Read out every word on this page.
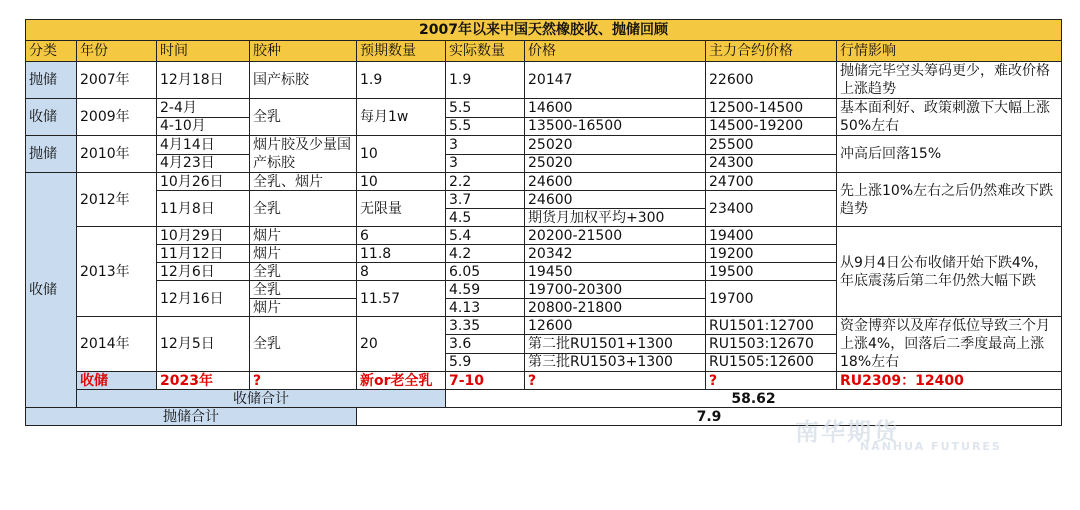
2007年以来中国天然橡胶收、抛储回顾									
分类	年份	时间	胶种	预期数量	实际数量	价格	主力合约价格	行情影响	
抛储	2007年	12月18日	国产标胶	1.9	1.9	20147	22600	抛储完毕空头筹码更少，难改价格上涨趋势	

收储	2009年	2-4月	全乳	每月1w	5.5	14600	12500-14500	基本面利好、政策刺激下大幅上涨50%左右	
		4-10月			5.5	13500-16500	14500-19200		
抛储	2010年	4月14日	烟片胶及少量国产标胶	10	3	25020	25500	冲高后回落15%	
		4月23日			3	25020	24300		
收储	2012年	10月26日	全乳、烟片	10	2.2	24600	24700	先上涨10%左右之后仍然难改下跌趋势	
		11月8日	全乳	无限量	3.7	24600	23400		
					4.5	期货月加权平均+300			
	2013年	10月29日	烟片	6	5.4	20200-21500	19400	从9月4日公布收储开始下跌4%，年底震荡后第二年仍然大幅下跌	
		11月12日	烟片	11.8	4.2	20342	19200		
		12月6日	全乳	8	6.05	19450	19500		
		12月16日	全乳	11.57	4.59	19700-20300	19700		
			烟片		4.13	20800-21800			
	2014年	12月5日	全乳	20	3.35	12600	RU1501:12700	资金博弈以及库存低位导致三个月上涨4%，回落后二季度最高上涨18%左右	
					3.6	第二批RU1501+1300	RU1503:12670		
					5.9	第三批RU1503+1300	RU1505:12600		
	收储	2023年	?	新or老全乳	7-10	?	?	RU2309：12400	
	收储合计				58.62				
抛储合计				7.9					
南华期货
NANHUA FUTURES
